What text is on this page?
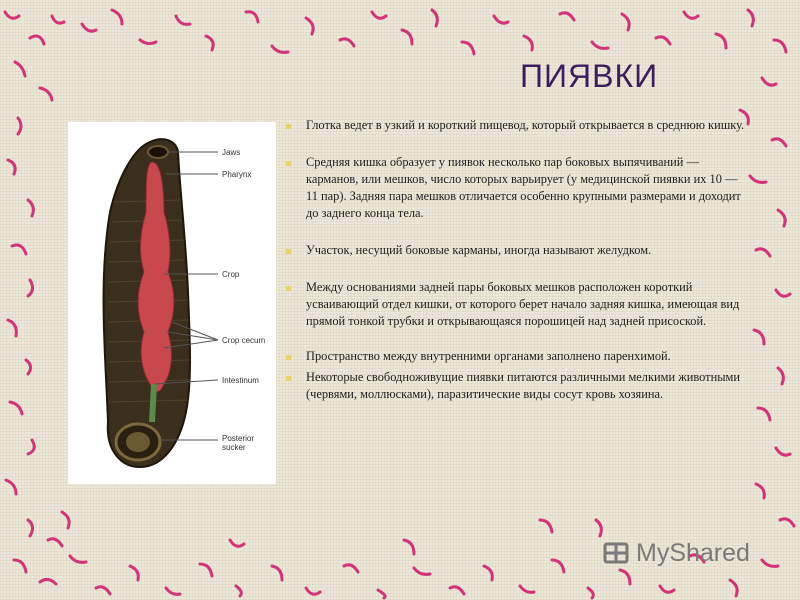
ПИЯВКИ
Jaws
Pharynx
Crop
Crop cecum
Intestinum
Posterior sucker
Глотка ведет в узкий и короткий пищевод, который открывается в среднюю кишку.
Средняя кишка образует у пиявок несколько пар боковых выпячиваний — карманов, или мешков, число которых варьирует (у медицинской пиявки их 10 —11 пар). Задняя пара мешков отличается особенно крупными размерами и доходит до заднего конца тела.
Участок, несущий боковые карманы, иногда называют желудком.
Между основаниями задней пары боковых мешков расположен короткий усваивающий отдел кишки, от которого берет начало задняя кишка, имеющая вид прямой тонкой трубки и открывающаяся порошицей над задней присоской.
Пространство между внутренними органами заполнено паренхимой.
Некоторые свободноживущие пиявки питаются различными мелкими животными (червями, моллюсками), паразитические виды сосут кровь хозяина.
MyShared
